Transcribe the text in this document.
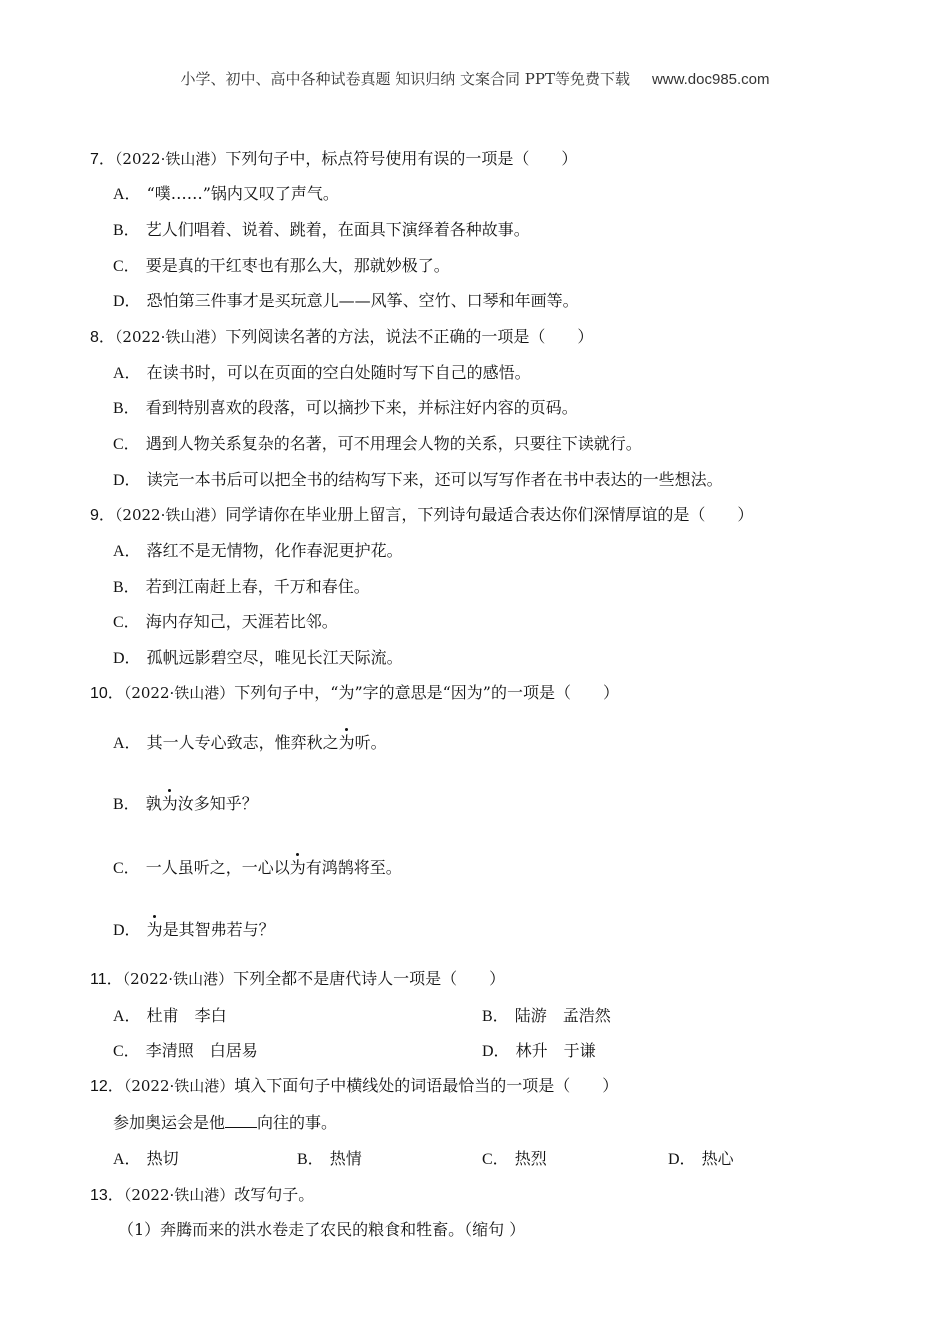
小学、初中、高中各种试卷真题 知识归纳 文案合同 PPT等免费下载 www.doc985.com
7．（2022·铁山港）下列句子中，标点符号使用有误的一项是（　　）
A． “噗……”锅内又叹了声气。
B． 艺人们唱着、说着、跳着，在面具下演绎着各种故事。
C． 要是真的干红枣也有那么大，那就妙极了。
D． 恐怕第三件事才是买玩意儿——风筝、空竹、口琴和年画等。
8．（2022·铁山港）下列阅读名著的方法，说法不正确的一项是（　　）
A． 在读书时，可以在页面的空白处随时写下自己的感悟。
B． 看到特别喜欢的段落，可以摘抄下来，并标注好内容的页码。
C． 遇到人物关系复杂的名著，可不用理会人物的关系，只要往下读就行。
D． 读完一本书后可以把全书的结构写下来，还可以写写作者在书中表达的一些想法。
9．（2022·铁山港）同学请你在毕业册上留言，下列诗句最适合表达你们深情厚谊的是（　　）
A． 落红不是无情物，化作春泥更护花。
B． 若到江南赶上春，千万和春住。
C． 海内存知己，天涯若比邻。
D． 孤帆远影碧空尽，唯见长江天际流。
10．（2022·铁山港）下列句子中，“为”字的意思是“因为”的一项是（　　）
A． 其一人专心致志，惟弈秋之为听。
B． 孰为汝多知乎？
C． 一人虽听之，一心以为有鸿鹄将至。
D． 为是其智弗若与？
11．（2022·铁山港）下列全都不是唐代诗人一项是（　　）
A． 杜甫　李白	B． 陆游　孟浩然
C． 李清照　白居易	D． 林升　于谦
12．（2022·铁山港）填入下面句子中横线处的词语最恰当的一项是（　　）
参加奥运会是他 向往的事。
A． 热切	B． 热情	C． 热烈	D． 热心
13．（2022·铁山港）改写句子。
（1）奔腾而来的洪水卷走了农民的粮食和牲畜。（缩句 ）
